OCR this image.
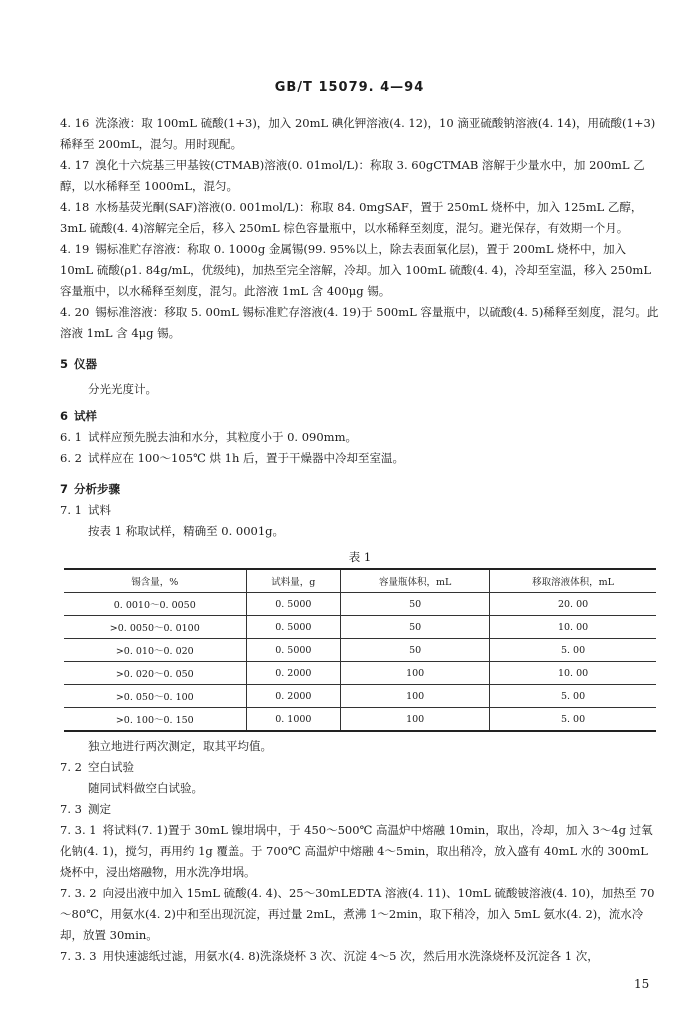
GB/T 15079. 4—94
4. 16 洗涤液：取 100mL 硫酸(1+3)，加入 20mL 碘化钾溶液(4. 12)，10 滴亚硫酸钠溶液(4. 14)，用硫酸(1+3)稀释至 200mL，混匀。用时现配。
4. 17 溴化十六烷基三甲基铵(CTMAB)溶液(0. 01mol/L)：称取 3. 60gCTMAB 溶解于少量水中，加 200mL 乙醇，以水稀释至 1000mL，混匀。
4. 18 水杨基荧光酮(SAF)溶液(0. 001mol/L)：称取 84. 0mgSAF，置于 250mL 烧杯中，加入 125mL 乙醇，3mL 硫酸(4. 4)溶解完全后，移入 250mL 棕色容量瓶中，以水稀释至刻度，混匀。避光保存，有效期一个月。
4. 19 锡标准贮存溶液：称取 0. 1000g 金属锡(99. 95%以上，除去表面氧化层)，置于 200mL 烧杯中，加入 10mL 硫酸(ρ1. 84g/mL，优级纯)，加热至完全溶解，冷却。加入 100mL 硫酸(4. 4)，冷却至室温，移入 250mL 容量瓶中，以水稀释至刻度，混匀。此溶液 1mL 含 400μg 锡。
4. 20 锡标准溶液：移取 5. 00mL 锡标准贮存溶液(4. 19)于 500mL 容量瓶中，以硫酸(4. 5)稀释至刻度，混匀。此溶液 1mL 含 4μg 锡。
5 仪器
分光光度计。
6 试样
6. 1 试样应预先脱去油和水分，其粒度小于 0. 090mm。
6. 2 试样应在 100～105℃ 烘 1h 后，置于干燥器中冷却至室温。
7 分析步骤
7. 1 试料
按表 1 称取试样，精确至 0. 0001g。
表 1
锡含量，%	试料量，g	容量瓶体积，mL	移取溶液体积，mL
0. 0010～0. 0050	0. 5000	50	20. 00
>0. 0050～0. 0100	0. 5000	50	10. 00
>0. 010～0. 020	0. 5000	50	5. 00
>0. 020～0. 050	0. 2000	100	10. 00
>0. 050～0. 100	0. 2000	100	5. 00
>0. 100～0. 150	0. 1000	100	5. 00
独立地进行两次测定，取其平均值。
7. 2 空白试验
随同试料做空白试验。
7. 3 测定
7. 3. 1 将试料(7. 1)置于 30mL 镍坩埚中，于 450～500℃ 高温炉中熔融 10min，取出，冷却，加入 3～4g 过氧化钠(4. 1)，搅匀，再用约 1g 覆盖。于 700℃ 高温炉中熔融 4～5min，取出稍冷，放入盛有 40mL 水的 300mL 烧杯中，浸出熔融物，用水洗净坩埚。
7. 3. 2 向浸出液中加入 15mL 硫酸(4. 4)、25～30mLEDTA 溶液(4. 11)、10mL 硫酸铍溶液(4. 10)，加热至 70～80℃，用氨水(4. 2)中和至出现沉淀，再过量 2mL，煮沸 1～2min，取下稍冷，加入 5mL 氨水(4. 2)，流水冷却，放置 30min。
7. 3. 3 用快速滤纸过滤，用氨水(4. 8)洗涤烧杯 3 次、沉淀 4～5 次，然后用水洗涤烧杯及沉淀各 1 次，
15
